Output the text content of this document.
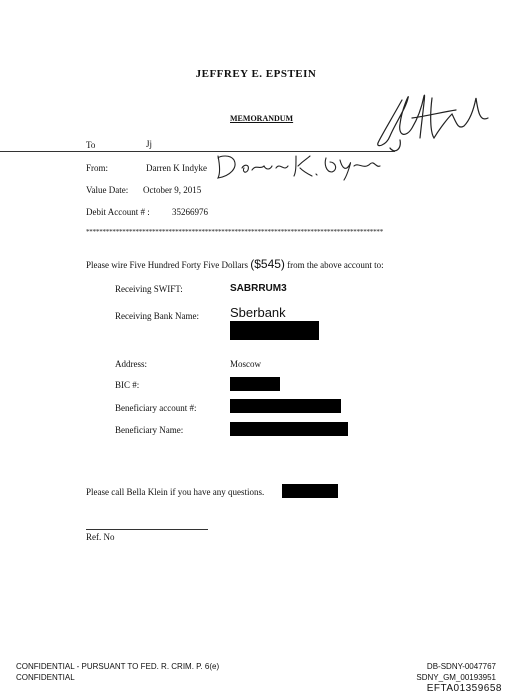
JEFFREY E. EPSTEIN
MEMORANDUM
To	Jj
From:	Darren K Indyke
Value Date: October 9, 2015
Debit Account # : 35266976
******************************************************************************************
Please wire Five Hundred Forty Five Dollars ($545) from the above account to:
Receiving SWIFT:	SABRRUM3
Receiving Bank Name: Sberbank
Address:	Moscow
BIC #:
Beneficiary account #:
Beneficiary Name:
Please call Bella Klein if you have any questions.
Ref. No
CONFIDENTIAL - PURSUANT TO FED. R. CRIM. P. 6(e)
CONFIDENTIAL
DB-SDNY-0047767
SDNY_GM_00193951
EFTA01359658
